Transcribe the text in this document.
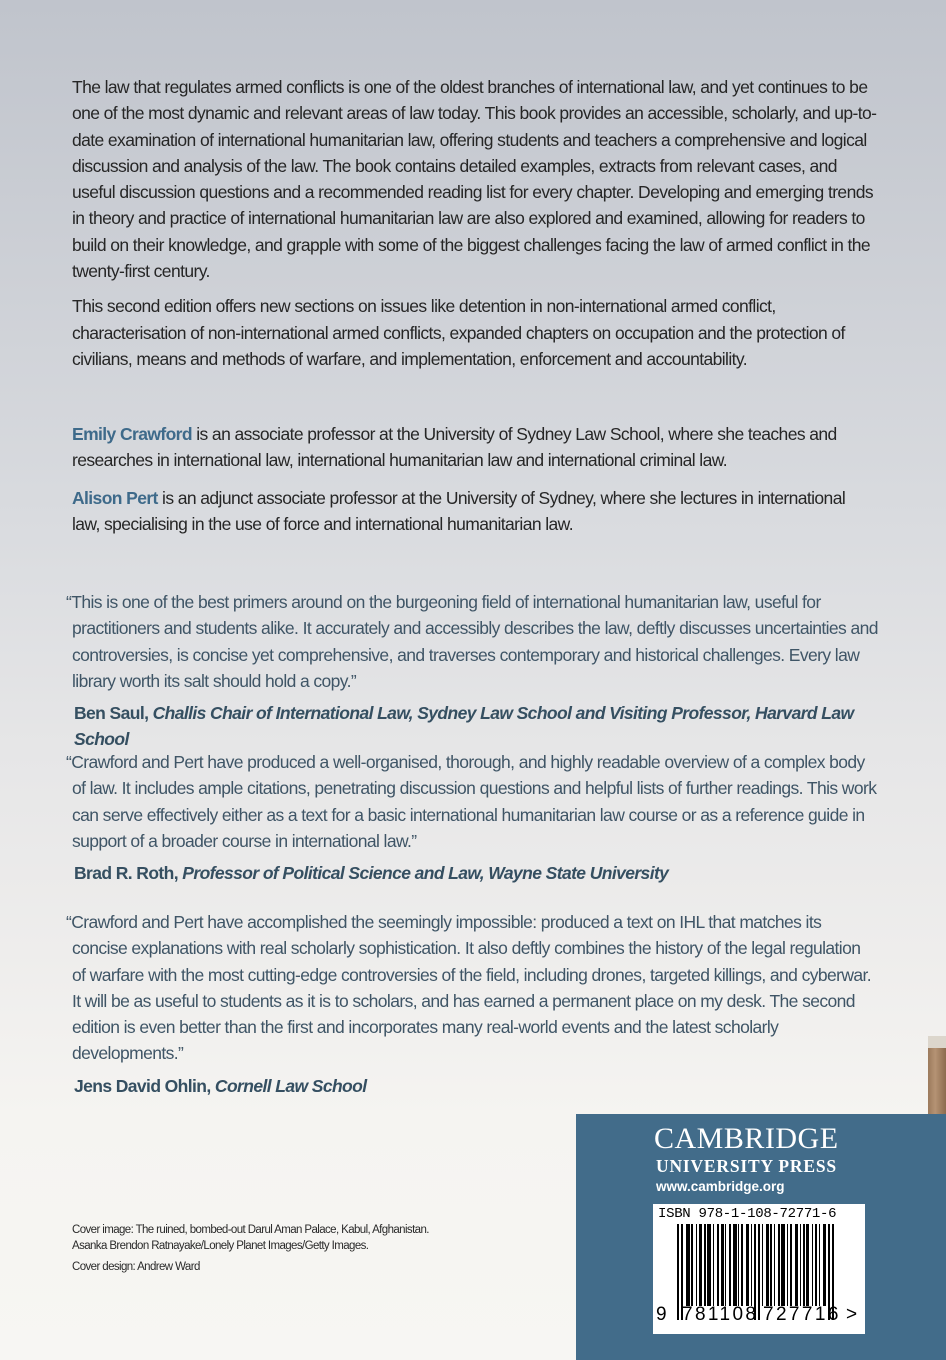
The law that regulates armed conflicts is one of the oldest branches of international law, and yet continues to be one of the most dynamic and relevant areas of law today. This book provides an accessible, scholarly, and up-to-date examination of international humanitarian law, offering students and teachers a comprehensive and logical discussion and analysis of the law. The book contains detailed examples, extracts from relevant cases, and useful discussion questions and a recommended reading list for every chapter. Developing and emerging trends in theory and practice of international humanitarian law are also explored and examined, allowing for readers to build on their knowledge, and grapple with some of the biggest challenges facing the law of armed conflict in the twenty-first century.

This second edition offers new sections on issues like detention in non-international armed conflict, characterisation of non-international armed conflicts, expanded chapters on occupation and the protection of civilians, means and methods of warfare, and implementation, enforcement and accountability.

Emily Crawford is an associate professor at the University of Sydney Law School, where she teaches and researches in international law, international humanitarian law and international criminal law.

Alison Pert is an adjunct associate professor at the University of Sydney, where she lectures in international law, specialising in the use of force and international humanitarian law.

“This is one of the best primers around on the burgeoning field of international humanitarian law, useful for practitioners and students alike. It accurately and accessibly describes the law, deftly discusses uncertainties and controversies, is concise yet comprehensive, and traverses contemporary and historical challenges. Every law library worth its salt should hold a copy.”

Ben Saul, Challis Chair of International Law, Sydney Law School and Visiting Professor, Harvard Law School

“Crawford and Pert have produced a well-organised, thorough, and highly readable overview of a complex body of law. It includes ample citations, penetrating discussion questions and helpful lists of further readings. This work can serve effectively either as a text for a basic international humanitarian law course or as a reference guide in support of a broader course in international law.”

Brad R. Roth, Professor of Political Science and Law, Wayne State University

“Crawford and Pert have accomplished the seemingly impossible: produced a text on IHL that matches its concise explanations with real scholarly sophistication. It also deftly combines the history of the legal regulation of warfare with the most cutting-edge controversies of the field, including drones, targeted killings, and cyberwar. It will be as useful to students as it is to scholars, and has earned a permanent place on my desk. The second edition is even better than the first and incorporates many real-world events and the latest scholarly developments.”

Jens David Ohlin, Cornell Law School

Cover image: The ruined, bombed-out Darul Aman Palace, Kabul, Afghanistan.
Asanka Brendon Ratnayake/Lonely Planet Images/Getty Images.

Cover design: Andrew Ward

CAMBRIDGE
UNIVERSITY PRESS
www.cambridge.org
ISBN 978-1-108-72771-6
9 781108 727716 >
